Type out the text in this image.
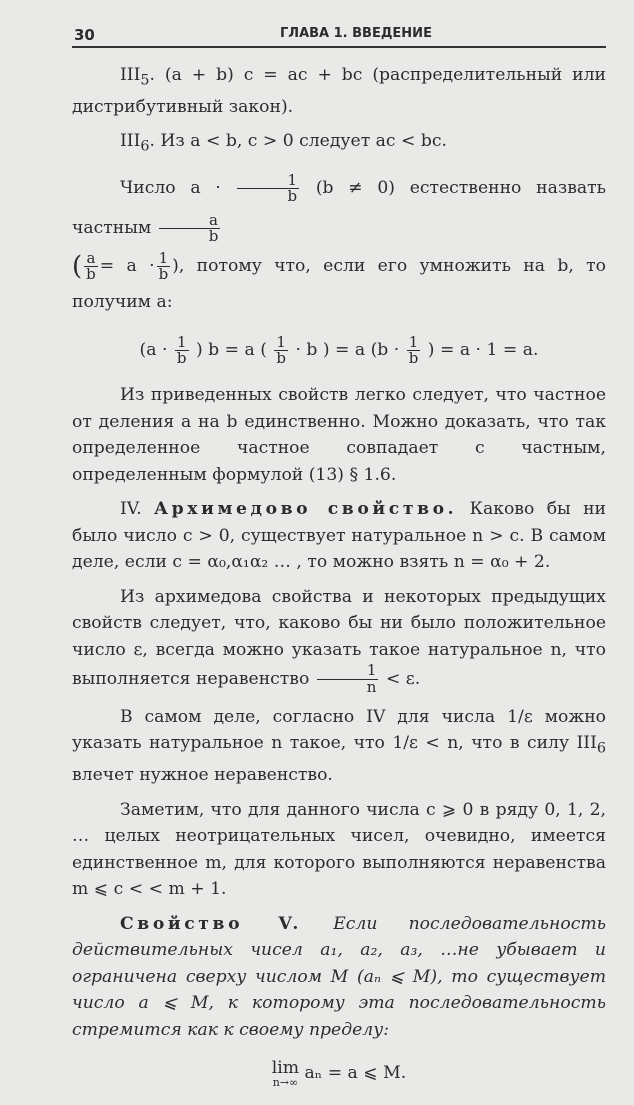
30	ГЛАВА 1. ВВЕДЕНИЕ

$III_5$. (a + b) c = ac + bc (распределительный или дистрибутивный закон).

$III_6$. Из a < b, c > 0 следует ac < bc.

Число $a \cdot \frac{1}{b} (b \ne 0)$ естественно назвать частным $\frac{a}{b}$

( $\frac{a}{b} = a \cdot \frac{1}{b}$ ), потому что, если его умножить на b, то получим a:

($a \cdot \frac{1}{b}$ ) b = a ( $\frac{1}{b} \cdot b$ ) = a ($b \cdot \frac{1}{b}$ ) = a · 1 = a.

Из приведенных свойств легко следует, что частное от деления a на b единственно. Можно доказать, что так определенное частное совпадает с частным, определенным формулой (13) § 1.6.

IV. Архимедово свойство. Каково бы ни было число c > 0, существует натуральное n > c. В самом деле, если c = α₀,α₁α₂ … , то можно взять n = α₀ + 2.

Из архимедова свойства и некоторых предыдущих свойств следует, что, каково бы ни было положительное число ε, всегда можно указать такое натуральное n, что выполняется неравенство $\frac{1}{n} < \varepsilon$.

В самом деле, согласно IV для числа 1/ε можно указать натуральное n такое, что 1/ε < n, что в силу $III_6$ влечет нужное неравенство.

Заметим, что для данного числа c ⩾ 0 в ряду 0, 1, 2, … целых неотрицательных чисел, очевидно, имеется единственное m, для которого выполняются неравенства m ⩽ c < < m + 1.

Свойство V. Если последовательность действительных чисел a₁, a₂, a₃, …не убывает и ограничена сверху числом M (aₙ ⩽ M), то существует число a ⩽ M, к которому эта последовательность стремится как к своему пределу:

lim
n→∞ aₙ = a ⩽ M.
